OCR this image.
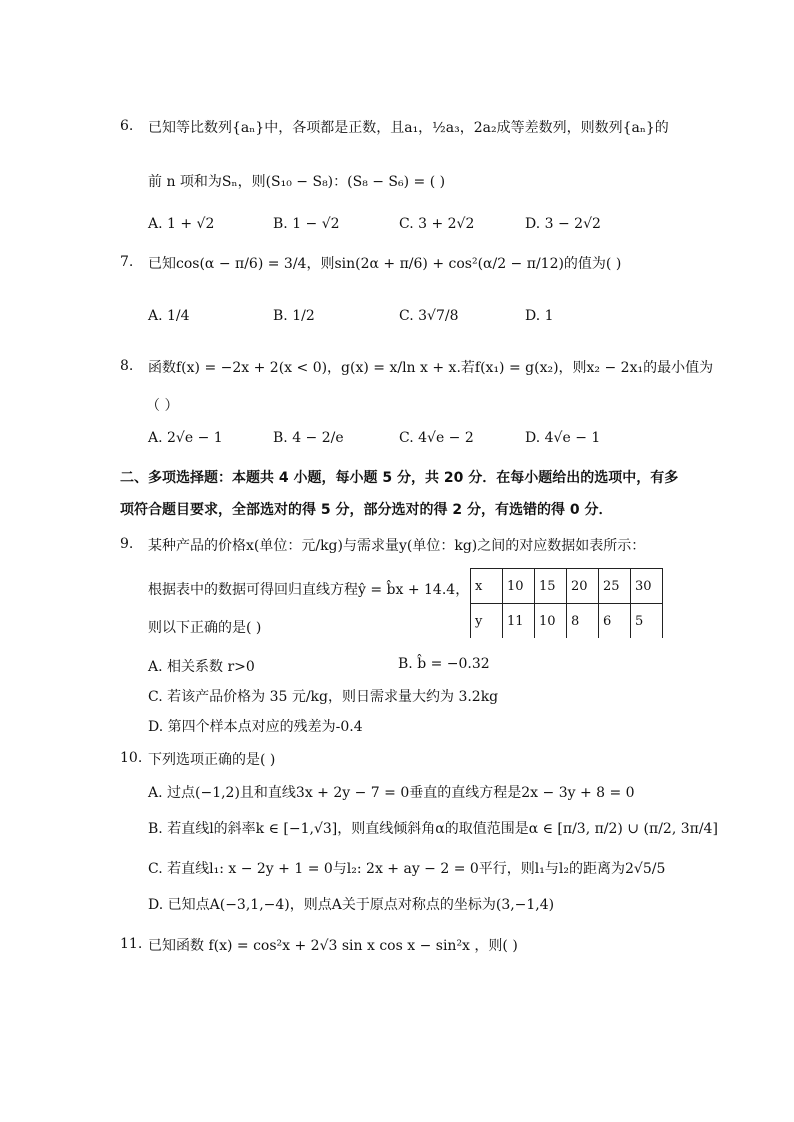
6. 已知等比数列{aₙ}中，各项都是正数，且a₁，½a₃，2a₂成等差数列，则数列{aₙ}的
前 n 项和为Sₙ，则(S₁₀ − S₈)：(S₈ − S₆) = ( )
A. 1 + √2	B. 1 − √2	C. 3 + 2√2	D. 3 − 2√2
7. 已知cos(α − π/6) = 3/4，则sin(2α + π/6) + cos²(α/2 − π/12)的值为( )
A. 1/4	B. 1/2	C. 3√7/8	D. 1
8. 函数f(x) = −2x + 2(x < 0)，g(x) = x/ln x + x.若f(x₁) = g(x₂)，则x₂ − 2x₁的最小值为
（ ）
A. 2√e − 1	B. 4 − 2/e	C. 4√e − 2	D. 4√e − 1
二、多项选择题：本题共 4 小题，每小题 5 分，共 20 分．在每小题给出的选项中，有多
项符合题目要求，全部选对的得 5 分，部分选对的得 2 分，有选错的得 0 分．
9. 某种产品的价格x(单位：元/kg)与需求量y(单位：kg)之间的对应数据如表所示：
根据表中的数据可得回归直线方程ŷ = b̂x + 14.4，
则以下正确的是( )
x	10	15	20	25	30
y	11	10	8	6	5
A. 相关系数 r>0	B. b̂ = −0.32
C. 若该产品价格为 35 元/kg，则日需求量大约为 3.2kg
D. 第四个样本点对应的残差为-0.4
10. 下列选项正确的是( )
A. 过点(−1,2)且和直线3x + 2y − 7 = 0垂直的直线方程是2x − 3y + 8 = 0
B. 若直线l的斜率k ∈ [−1,√3]，则直线倾斜角α的取值范围是α ∈ [π/3, π/2) ∪ (π/2, 3π/4]
C. 若直线l₁: x − 2y + 1 = 0与l₂: 2x + ay − 2 = 0平行，则l₁与l₂的距离为2√5/5
D. 已知点A(−3,1,−4)，则点A关于原点对称点的坐标为(3,−1,4)
11. 已知函数 f(x) = cos²x + 2√3 sin x cos x − sin²x ，则( )
